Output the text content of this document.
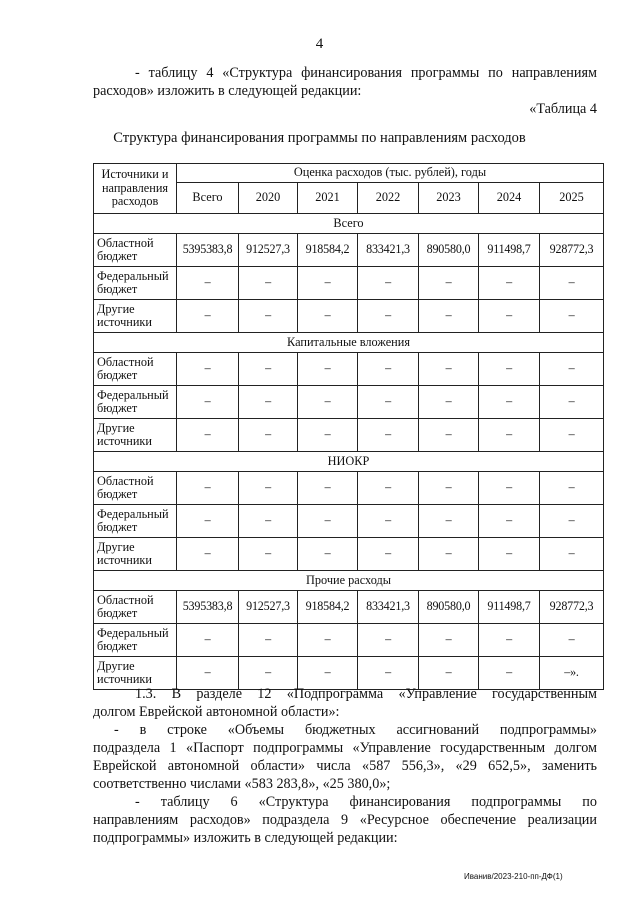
4
- таблицу 4 «Структура финансирования программы по направлениям
расходов» изложить в следующей редакции:
«Таблица 4
Структура финансирования программы по направлениям расходов
Источники и направления расходов	Оценка расходов (тыс. рублей), годы						
	Всего	2020	2021	2022	2023	2024	2025
Всего							
Областной бюджет	5395383,8	912527,3	918584,2	833421,3	890580,0	911498,7	928772,3
Федеральный бюджет	–	–	–	–	–	–	–
Другие источники	–	–	–	–	–	–	–
Капитальные вложения							
Областной бюджет	–	–	–	–	–	–	–
Федеральный бюджет	–	–	–	–	–	–	–
Другие источники	–	–	–	–	–	–	–
НИОКР							
Областной бюджет	–	–	–	–	–	–	–
Федеральный бюджет	–	–	–	–	–	–	–
Другие источники	–	–	–	–	–	–	–
Прочие расходы							
Областной бюджет	5395383,8	912527,3	918584,2	833421,3	890580,0	911498,7	928772,3
Федеральный бюджет	–	–	–	–	–	–	–
Другие источники	–	–	–	–	–	–	–».
1.3. В разделе 12 «Подпрограмма «Управление государственным
долгом Еврейской автономной области»:
- в строке «Объемы бюджетных ассигнований подпрограммы»
подраздела 1 «Паспорт подпрограммы «Управление государственным долгом
Еврейской автономной области» числа «587 556,3», «29 652,5», заменить
соответственно числами «583 283,8», «25 380,0»;
- таблицу 6 «Структура финансирования подпрограммы по
направлениям расходов» подраздела 9 «Ресурсное обеспечение реализации
подпрограммы» изложить в следующей редакции:
Иванив/2023-210-пп-ДФ(1)
